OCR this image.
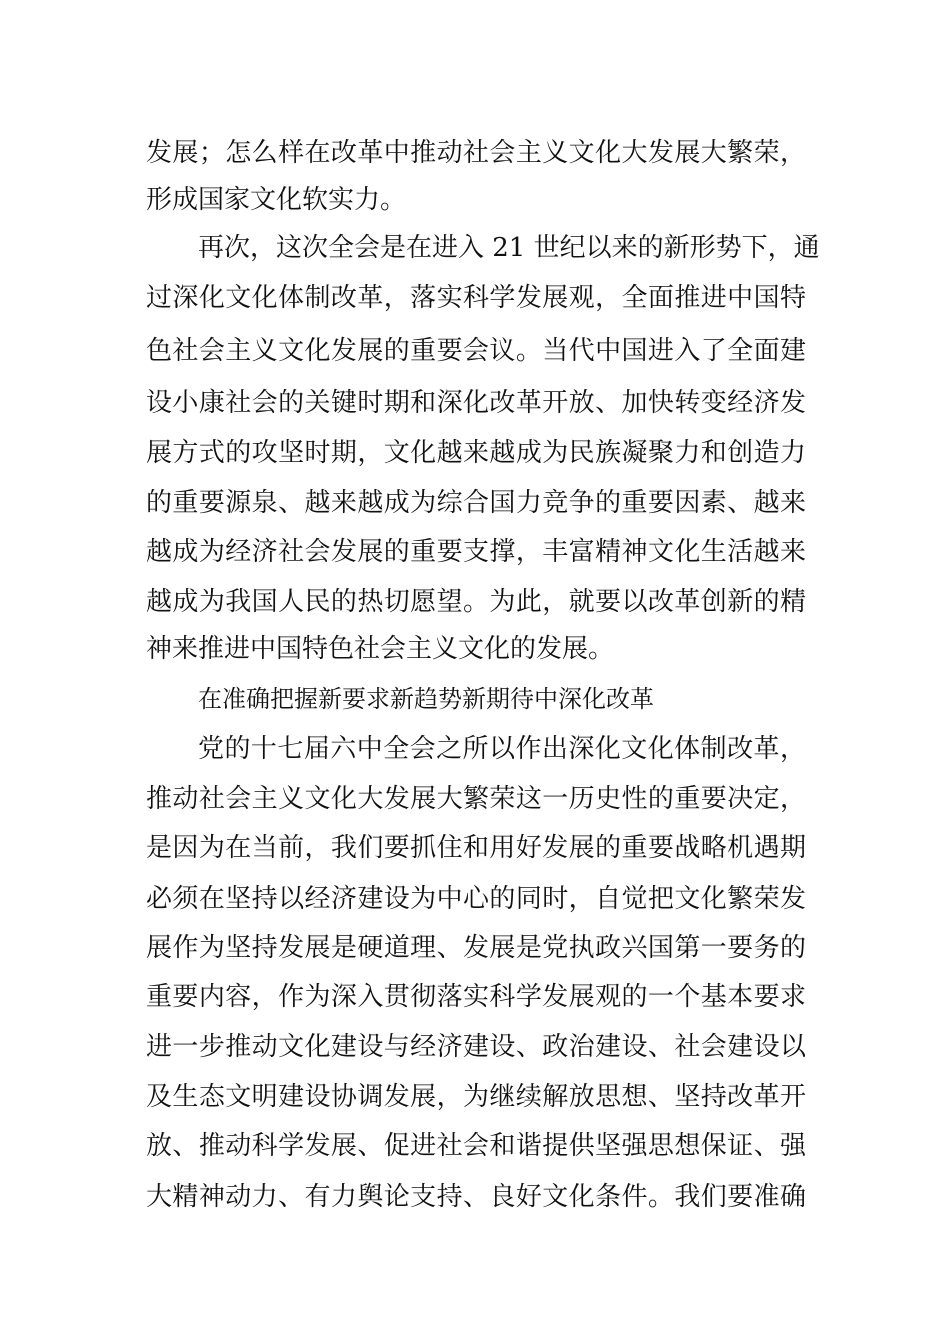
发展；怎么样在改革中推动社会主义文化大发展大繁荣，
形成国家文化软实力。
再次，这次全会是在进入 21 世纪以来的新形势下，通
过深化文化体制改革，落实科学发展观，全面推进中国特
色社会主义文化发展的重要会议。当代中国进入了全面建
设小康社会的关键时期和深化改革开放、加快转变经济发
展方式的攻坚时期，文化越来越成为民族凝聚力和创造力
的重要源泉、越来越成为综合国力竞争的重要因素、越来
越成为经济社会发展的重要支撑，丰富精神文化生活越来
越成为我国人民的热切愿望。为此，就要以改革创新的精
神来推进中国特色社会主义文化的发展。
在准确把握新要求新趋势新期待中深化改革
党的十七届六中全会之所以作出深化文化体制改革，
推动社会主义文化大发展大繁荣这一历史性的重要决定，
是因为在当前，我们要抓住和用好发展的重要战略机遇期
必须在坚持以经济建设为中心的同时，自觉把文化繁荣发
展作为坚持发展是硬道理、发展是党执政兴国第一要务的
重要内容，作为深入贯彻落实科学发展观的一个基本要求
进一步推动文化建设与经济建设、政治建设、社会建设以
及生态文明建设协调发展，为继续解放思想、坚持改革开
放、推动科学发展、促进社会和谐提供坚强思想保证、强
大精神动力、有力舆论支持、良好文化条件。我们要准确
